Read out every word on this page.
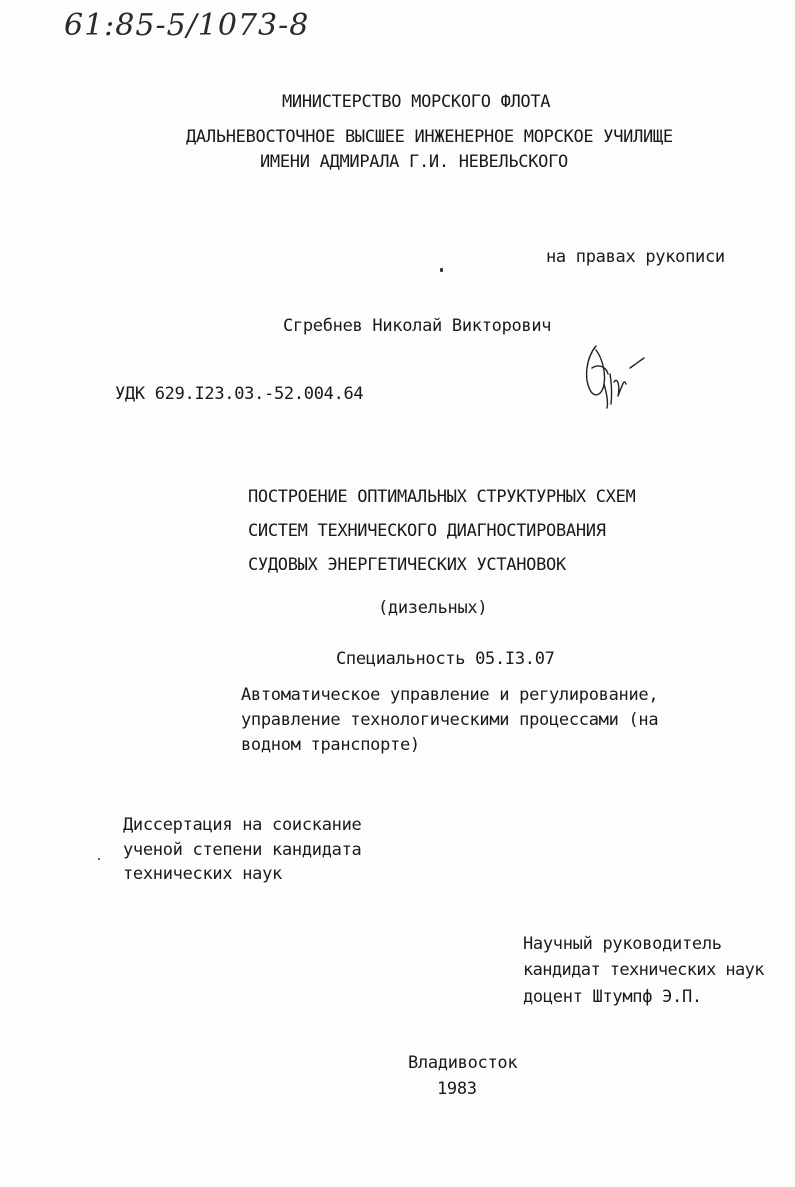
61:85-5/1073-8
МИНИСТЕРСТВО МОРСКОГО ФЛОТА
ДАЛЬНЕВОСТОЧНОЕ ВЫСШЕЕ ИНЖЕНЕРНОЕ МОРСКОЕ УЧИЛИЩЕ
ИМЕНИ АДМИРАЛА Г.И. НЕВЕЛЬСКОГО
на правах рукописи
Сгребнев Николай Викторович
УДК 629.I23.03.-52.004.64
ПОСТРОЕНИЕ ОПТИМАЛЬНЫХ СТРУКТУРНЫХ СХЕМ
СИСТЕМ ТЕХНИЧЕСКОГО ДИАГНОСТИРОВАНИЯ
СУДОВЫХ ЭНЕРГЕТИЧЕСКИХ УСТАНОВОК
(дизельных)
Специальность 05.I3.07
Автоматическое управление и регулирование,
управление технологическими процессами (на
водном транспорте)
Диссертация на соискание
ученой степени кандидата
технических наук
Научный руководитель
кандидат технических наук
доцент Штумпф Э.П.
Владивосток
1983
